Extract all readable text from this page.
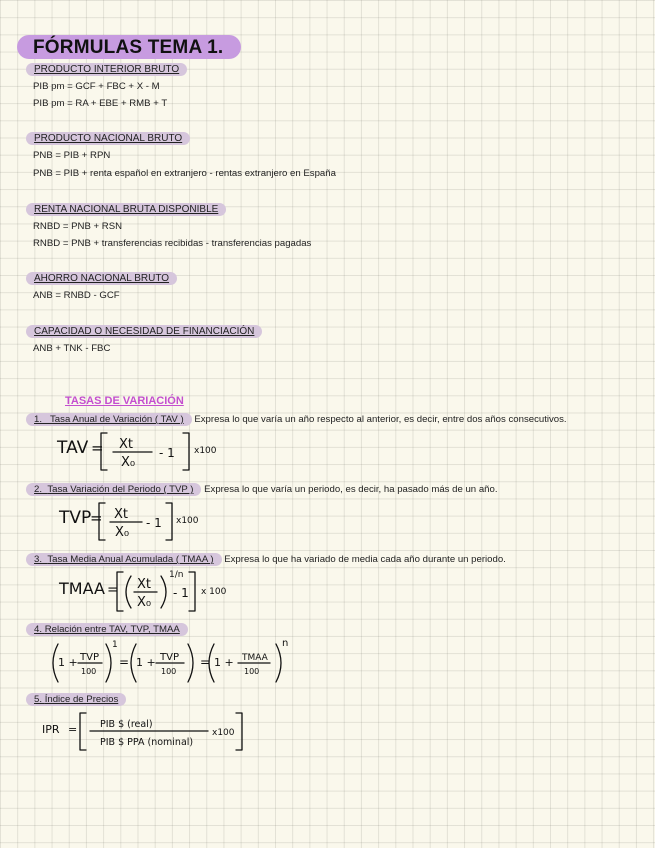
FÓRMULAS TEMA 1.
PRODUCTO INTERIOR BRUTO
PIB pm = GCF + FBC + X - M
PIB pm = RA + EBE + RMB + T
PRODUCTO NACIONAL BRUTO
PNB = PIB + RPN
PNB = PIB + renta español en extranjero - rentas extranjero en España
RENTA NACIONAL BRUTA DISPONIBLE
RNBD = PNB + RSN
RNBD = PNB + transferencias recibidas - transferencias pagadas
AHORRO NACIONAL BRUTO
ANB = RNBD - GCF
CAPACIDAD O NECESIDAD DE FINANCIACIÓN
ANB + TNK - FBC
TASAS DE VARIACIÓN
1. Tasa Anual de Variación ( TAV ) Expresa lo que varía un año respecto al anterior, es decir, entre dos años consecutivos.
TAV = Xt
X₀
- 1 x100
2. Tasa Variación del Periodo ( TVP ) Expresa lo que varía un periodo, es decir, ha pasado más de un año.
TVP
= Xt
X₀
- 1 x100
3. Tasa Media Anual Acumulada ( TMAA ) Expresa lo que ha variado de media cada año durante un periodo.
TMAA = Xt
X₀
1/n
- 1 x 100
4. Relación entre TAV, TVP, TMAA
1 + TVP
100
1
= 1 + TVP
100
= 1 + TMAA
100
n
5. Índice de Precios
IPR = PIB $ (real)
PIB $ PPA (nominal)
x100
